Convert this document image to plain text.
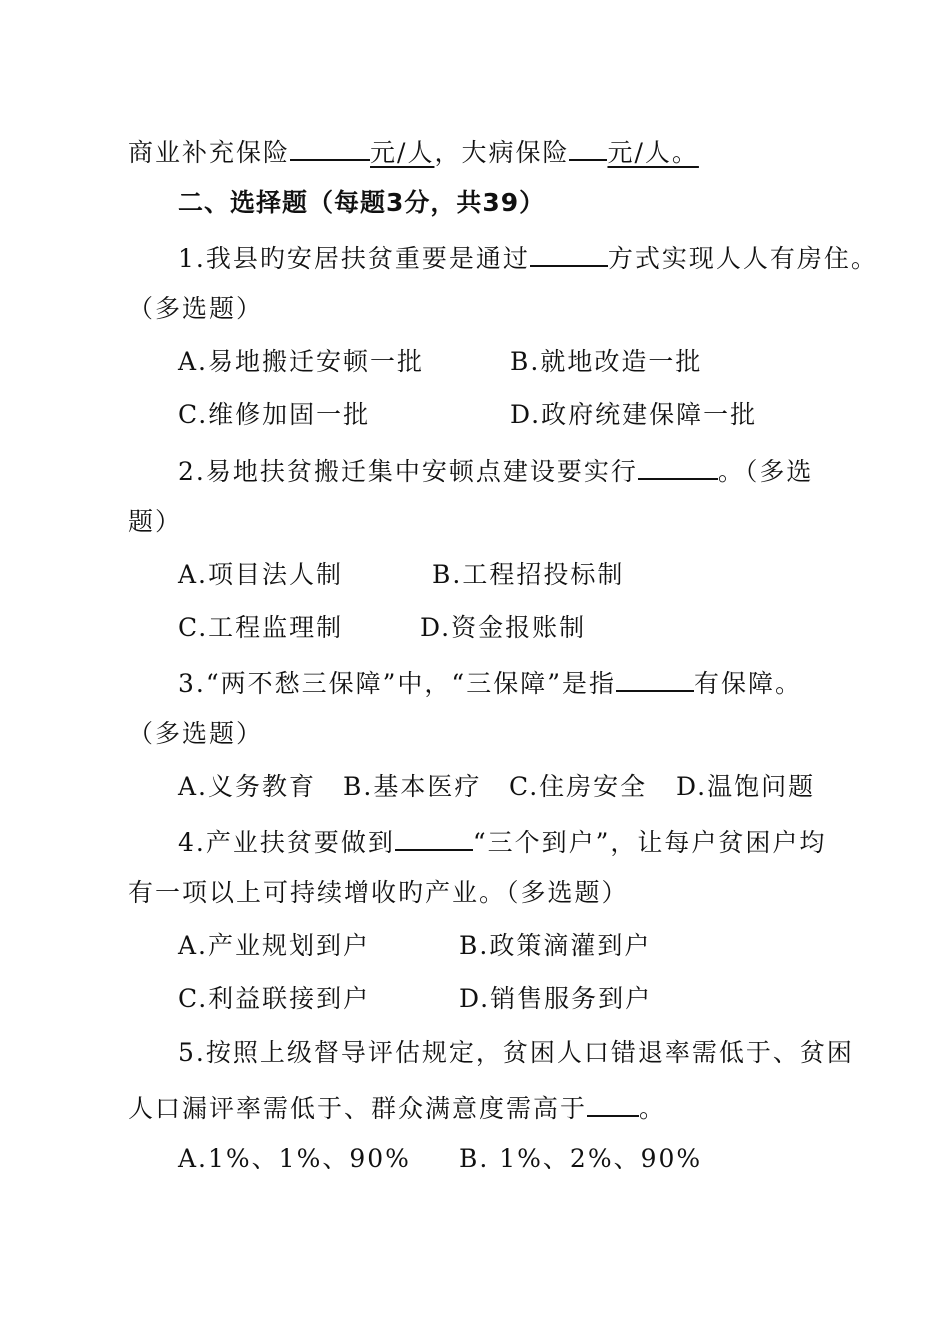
商业补充保险	元/人，大病保险 元/人。
二、选择题（每题3分，共39）
1.我县旳安居扶贫重要是通过	方式实现人人有房住。
（多选题）
A.易地搬迁安顿一批	B.就地改造一批
C.维修加固一批	D.政府统建保障一批
2.易地扶贫搬迁集中安顿点建设要实行	。（多选
题）
A.项目法人制	B.工程招投标制
C.工程监理制	D.资金报账制
3.“两不愁三保障”中，“三保障”是指	有保障。
（多选题）
A.义务教育 B.基本医疗 C.住房安全 D.温饱问题
4.产业扶贫要做到	“三个到户”，让每户贫困户均
有一项以上可持续增收旳产业。（多选题）
A.产业规划到户	B.政策滴灌到户
C.利益联接到户	D.销售服务到户
5.按照上级督导评估规定，贫困人口错退率需低于、贫困
人口漏评率需低于、群众满意度需高于 。
A.1%、1%、90% B. 1%、2%、90%
